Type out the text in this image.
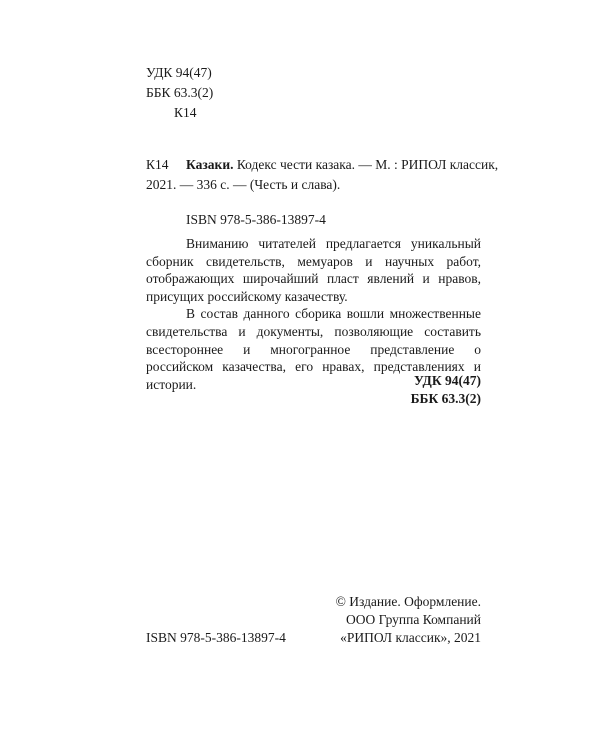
УДК 94(47)
ББК 63.3(2)
К14
К14 Казаки. Кодекс чести казака. — М. : РИПОЛ классик,
2021. — 336 с. — (Честь и слава).
ISBN 978-5-386-13897-4

Вниманию читателей предлагается уникальный сборник свидетельств, мемуаров и научных работ, отображающих широчайший пласт явлений и нравов, присущих российскому казачеству.

В состав данного сборика вошли множественные свидетельства и документы, позволяющие составить всестороннее и многогранное представление о российском казачества, его нравах, представлениях и истории.	УДК 94(47)
ББК 63.3(2)
© Издание. Оформление.
ООО Группа Компаний
«РИПОЛ классик», 2021
ISBN 978-5-386-13897-4
